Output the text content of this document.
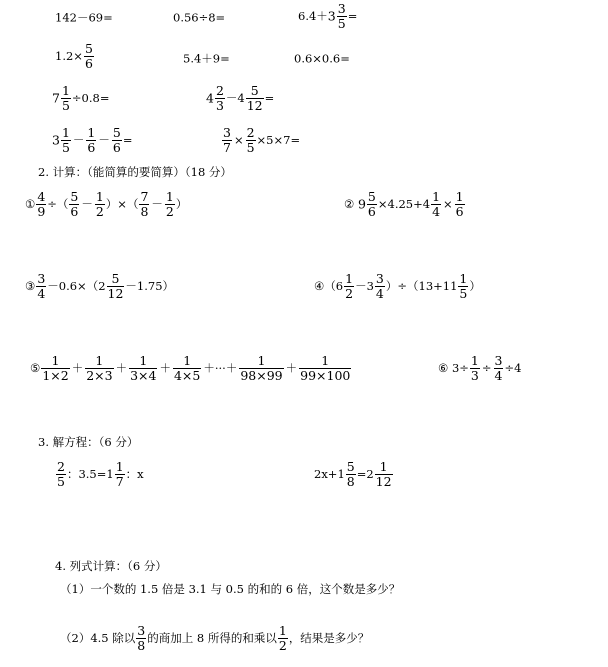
142－69=	0.56÷8=	$6.4+3 \frac{3}{5}$ =
$1.2\times \frac{5}{6}$	5.4＋9=	0.6×0.6=
$7 \frac{1}{5} \div 0.8=$	$4 \frac{2}{3} -4 \frac{5}{12}$ =
$3 \frac{1}{5} - \frac{1}{6} - \frac{5}{6}$ =	$\frac{3}{7} \times \frac{2}{5} \times 5\times 7=$
2. 计算：（能简算的要简算）（18 分）
① $\frac{4}{9}$ ÷（ $\frac{5}{6} - \frac{1}{2}$ ）×（ $\frac{7}{8} - \frac{1}{2}$ ）	② $9 \frac{5}{6} \times 4.25+4 \frac{1}{4} \times \frac{1}{6}$
③ $\frac{3}{4} -0.6\times(2 \frac{5}{12} -1.75)$	④（6 $\frac{1}{2} -3 \frac{3}{4} )\div(13+11 \frac{1}{5}$ ）
⑤ $\frac{1}{1\times 2} + \frac{1}{2\times 3} + \frac{1}{3\times 4} + \frac{1}{4\times 5}$ ＋···＋ $\frac{1}{98\times 99} + \frac{1}{99\times 100}$	⑥ $3\div \frac{1}{3} \div \frac{3}{4} \div 4$
3. 解方程：（6 分）
$\frac{2}{5}$ ：$3.5=1 \frac{1}{7}$ ：x	$2x+1 \frac{5}{8} =2 \frac{1}{12}$
4. 列式计算：（6 分）
（1）一个数的 1.5 倍是 3.1 与 0.5 的和的 6 倍，这个数是多少？
（2）4.5 除以 $\frac{3}{8}$ 的商加上 8 所得的和乘以 $\frac{1}{2}$ ，结果是多少？
